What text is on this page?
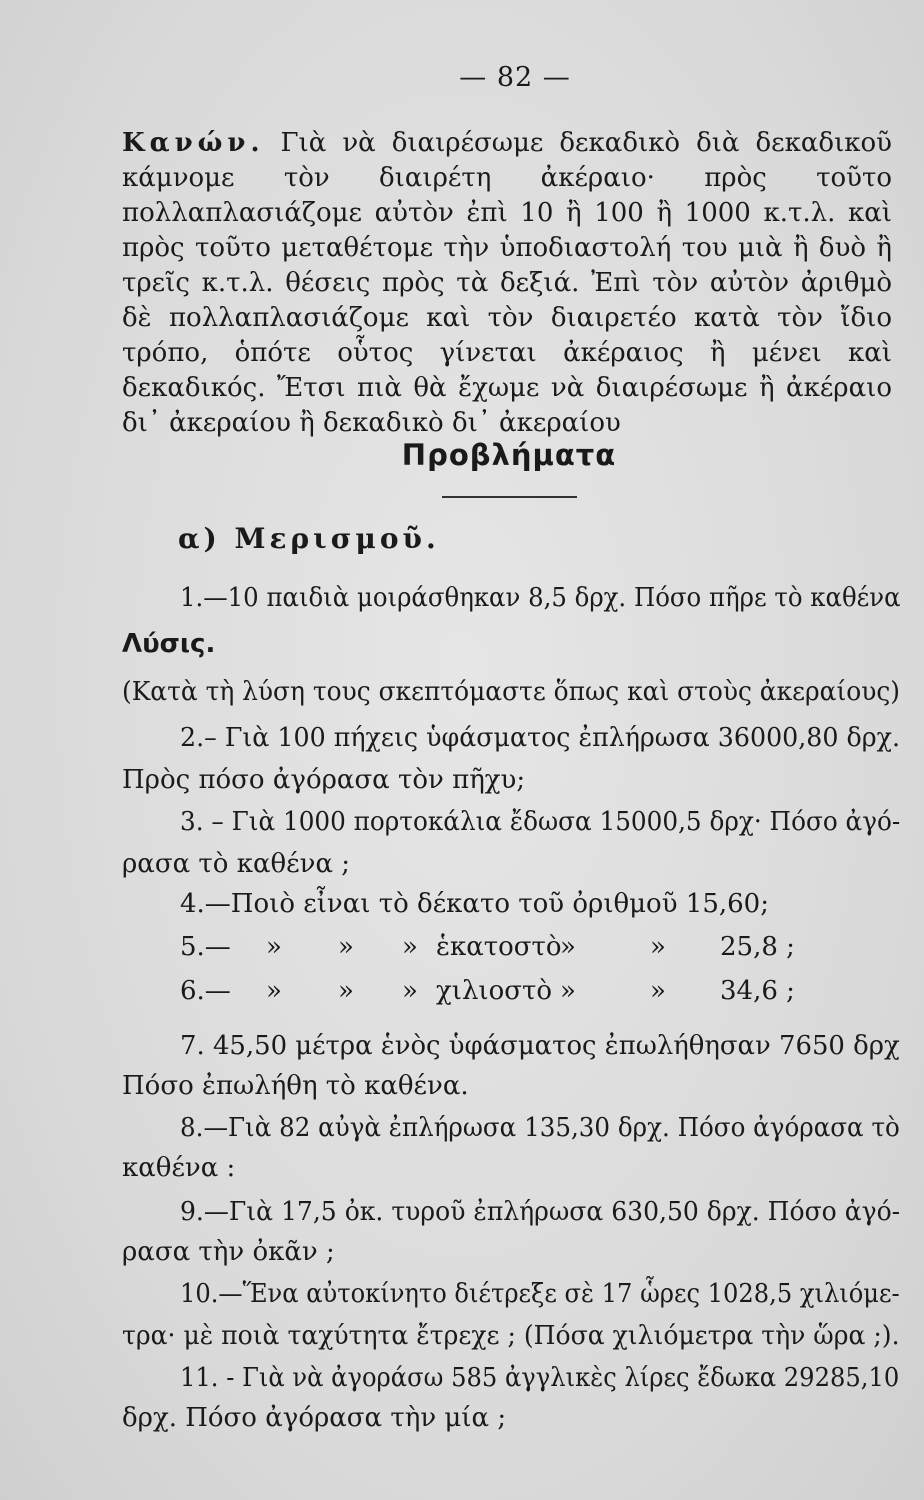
— 82 —
Κανών. Γιὰ νὰ διαιρέσωμε δεκαδικὸ διὰ δεκαδικοῦ κάμνομε τὸν διαιρέτη ἀκέραιο· πρὸς τοῦτο πολλαπλασιάζομε αὐτὸν ἐπὶ 10 ἢ 100 ἢ 1000 κ.τ.λ. καὶ πρὸς τοῦτο μεταθέτομε τὴν ὑποδιαστολή του μιὰ ἢ δυὸ ἢ τρεῖς κ.τ.λ. θέσεις πρὸς τὰ δεξιά. Ἐπὶ τὸν αὐτὸν ἀριθμὸ δὲ πολλαπλασιάζομε καὶ τὸν διαιρετέο κατὰ τὸν ἴδιο τρόπο, ὁπότε οὗτος γίνεται ἀκέραιος ἢ μένει καὶ δεκαδικός. Ἔτσι πιὰ θὰ ἔχωμε νὰ διαιρέσωμε ἢ ἀκέραιο δι᾽ ἀκεραίου ἢ δεκαδικὸ δι᾽ ἀκεραίου
Προβλήματα
α) Μερισμοῦ.
1.—10 παιδιὰ μοιράσθηκαν 8,5 δρχ. Πόσο πῆρε τὸ καθένα
Λύσις.
(Κατὰ τὴ λύση τους σκεπτόμαστε ὅπως καὶ στοὺς ἀκεραίους)
2.– Γιὰ 100 πήχεις ὑφάσματος ἐπλήρωσα 36000,80 δρχ.
Πρὸς πόσο ἀγόρασα τὸν πῆχυ;
3. – Γιὰ 1000 πορτοκάλια ἔδωσα 15000,5 δρχ· Πόσο ἀγό-
ρασα τὸ καθένα ;
4.—Ποιὸ εἶναι τὸ δέκατο τοῦ ὀριθμοῦ 15,60;
5.— » » » ἑκατοστὸ
»	» 25,8 ;
6.— » » » χιλιοστὸ »	» 34,6 ;
7. 45,50 μέτρα ἑνὸς ὑφάσματος ἐπωλήθησαν 7650 δρχ
Πόσο ἐπωλήθη τὸ καθένα.
8.—Γιὰ 82 αὐγὰ ἐπλήρωσα 135,30 δρχ. Πόσο ἀγόρασα τὸ
καθένα :
9.—Γιὰ 17,5 ὀκ. τυροῦ ἐπλήρωσα 630,50 δρχ. Πόσο ἀγό-
ρασα τὴν ὀκᾶν ;
10.—Ἕνα αὐτοκίνητο διέτρεξε σὲ 17 ὧρες 1028,5 χιλιόμε-
τρα· μὲ ποιὰ ταχύτητα ἔτρεχε ; (Πόσα χιλιόμετρα τὴν ὥρα ;).
11. - Γιὰ νὰ ἀγοράσω 585 ἀγγλικὲς λίρες ἔδωκα 29285,10
δρχ. Πόσο ἀγόρασα τὴν μία ;
